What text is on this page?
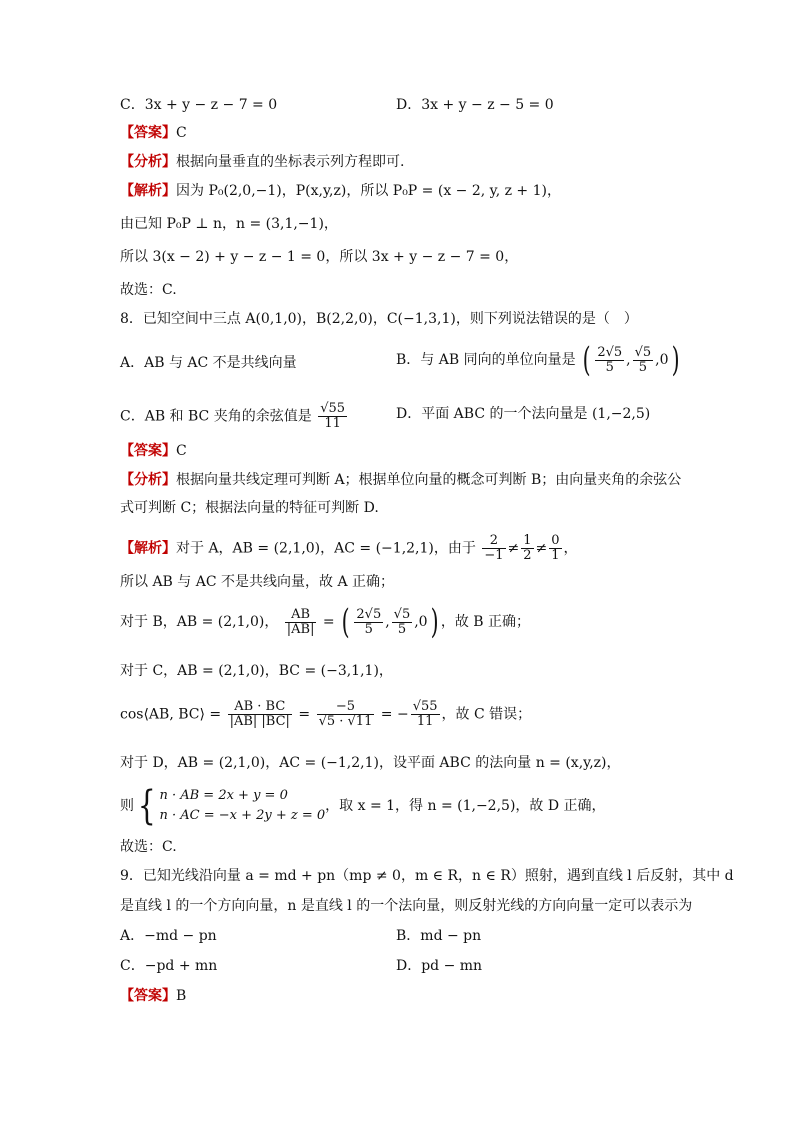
C．3x + y − z − 7 = 0	D．3x + y − z − 5 = 0
【答案】C
【分析】根据向量垂直的坐标表示列方程即可.
【解析】因为 P₀(2,0,−1)，P(x,y,z)，所以 P₀P = (x − 2, y, z + 1)，
由已知 P₀P ⊥ n，n = (3,1,−1)，
所以 3(x − 2) + y − z − 1 = 0，所以 3x + y − z − 7 = 0，
故选：C.
8．已知空间中三点 A(0,1,0)，B(2,2,0)，C(−1,3,1)，则下列说法错误的是（　）
A．AB 与 AC 不是共线向量	B．与 AB 同向的单位向量是 ( $\frac{2√5}{5}$ , $\frac{√5}{5} ,0$)
C．AB 和 BC 夹角的余弦值是 $\frac{√55}{11}$	D．平面 ABC 的一个法向量是 (1,−2,5)
【答案】C
【分析】根据向量共线定理可判断 A；根据单位向量的概念可判断 B；由向量夹角的余弦公
式可判断 C；根据法向量的特征可判断 D.
【解析】对于 A，AB = (2,1,0)，AC = (−1,2,1)，由于 $\frac{2}{-1} \ne \frac{1}{2} \ne \frac{0}{1}$ ，
所以 AB 与 AC 不是共线向量，故 A 正确；
对于 B，AB = (2,1,0)， $\frac{AB}{|AB|}$ = ( $\frac{2√5}{5}$ , $\frac{√5}{5} ,0$) ，故 B 正确；
对于 C，AB = (2,1,0)，BC = (−3,1,1)，
cos⟨AB, BC⟩ = $\frac{AB \cdot BC}{|AB| |BC|} = \frac{-5}{√5 \cdot √11}$ = − $\frac{√55}{11}$ ，故 C 错误；
对于 D，AB = (2,1,0)，AC = (−1,2,1)，设平面 ABC 的法向量 n = (x,y,z)，
则{ n · AB = 2x + y = 0
n · AC = −x + 2y + z = 0
，取 x = 1，得 n = (1,−2,5)，故 D 正确，
故选：C.
9．已知光线沿向量 a = md + pn（mp ≠ 0，m ∈ R，n ∈ R）照射，遇到直线 l 后反射，其中 d
是直线 l 的一个方向向量，n 是直线 l 的一个法向量，则反射光线的方向向量一定可以表示为
A．−md − pn	B．md − pn
C．−pd + mn	D．pd − mn
【答案】B
